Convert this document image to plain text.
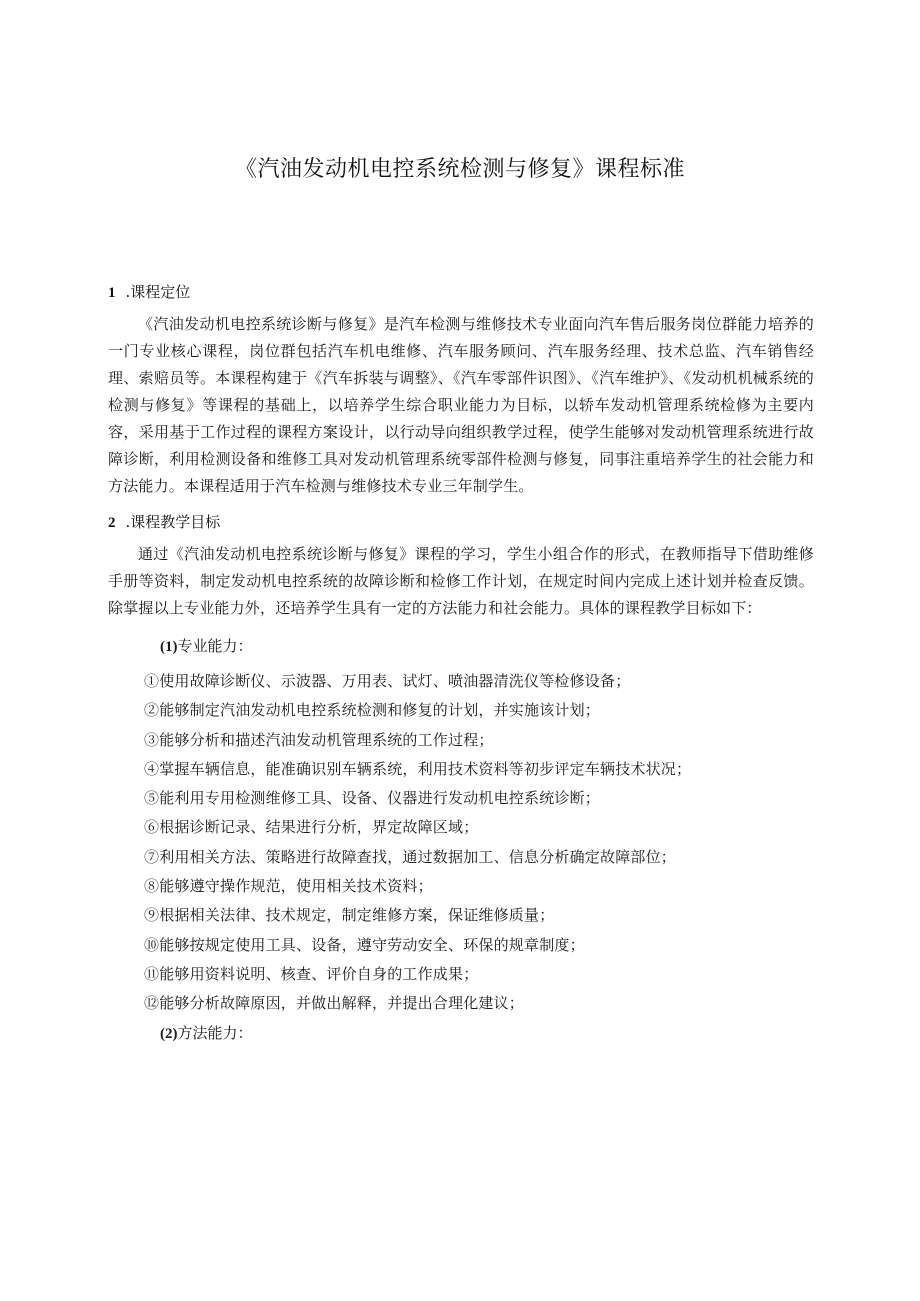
《汽油发动机电控系统检测与修复》课程标准
1 .课程定位

《汽油发动机电控系统诊断与修复》是汽车检测与维修技术专业面向汽车售后服务岗位群能力培养的一门专业核心课程，岗位群包括汽车机电维修、汽车服务顾问、汽车服务经理、技术总监、汽车销售经理、索赔员等。本课程构建于《汽车拆装与调整》、《汽车零部件识图》、《汽车维护》、《发动机机械系统的检测与修复》等课程的基础上，以培养学生综合职业能力为目标，以轿车发动机管理系统检修为主要内容，采用基于工作过程的课程方案设计，以行动导向组织教学过程，使学生能够对发动机管理系统进行故障诊断，利用检测设备和维修工具对发动机管理系统零部件检测与修复，同事注重培养学生的社会能力和方法能力。本课程适用于汽车检测与维修技术专业三年制学生。

2 .课程教学目标

通过《汽油发动机电控系统诊断与修复》课程的学习，学生小组合作的形式，在教师指导下借助维修手册等资料，制定发动机电控系统的故障诊断和检修工作计划，在规定时间内完成上述计划并检查反馈。除掌握以上专业能力外，还培养学生具有一定的方法能力和社会能力。具体的课程教学目标如下：

(1)专业能力：
①使用故障诊断仪、示波器、万用表、试灯、喷油器清洗仪等检修设备；
②能够制定汽油发动机电控系统检测和修复的计划，并实施该计划；
③能够分析和描述汽油发动机管理系统的工作过程；
④掌握车辆信息，能准确识别车辆系统，利用技术资料等初步评定车辆技术状况；
⑤能利用专用检测维修工具、设备、仪器进行发动机电控系统诊断；
⑥根据诊断记录、结果进行分析，界定故障区域；
⑦利用相关方法、策略进行故障查找，通过数据加工、信息分析确定故障部位；
⑧能够遵守操作规范，使用相关技术资料；
⑨根据相关法律、技术规定，制定维修方案，保证维修质量；
⑩能够按规定使用工具、设备，遵守劳动安全、环保的规章制度；
⑪能够用资料说明、核查、评价自身的工作成果；
⑫能够分析故障原因，并做出解释，并提出合理化建议；
(2)方法能力：
